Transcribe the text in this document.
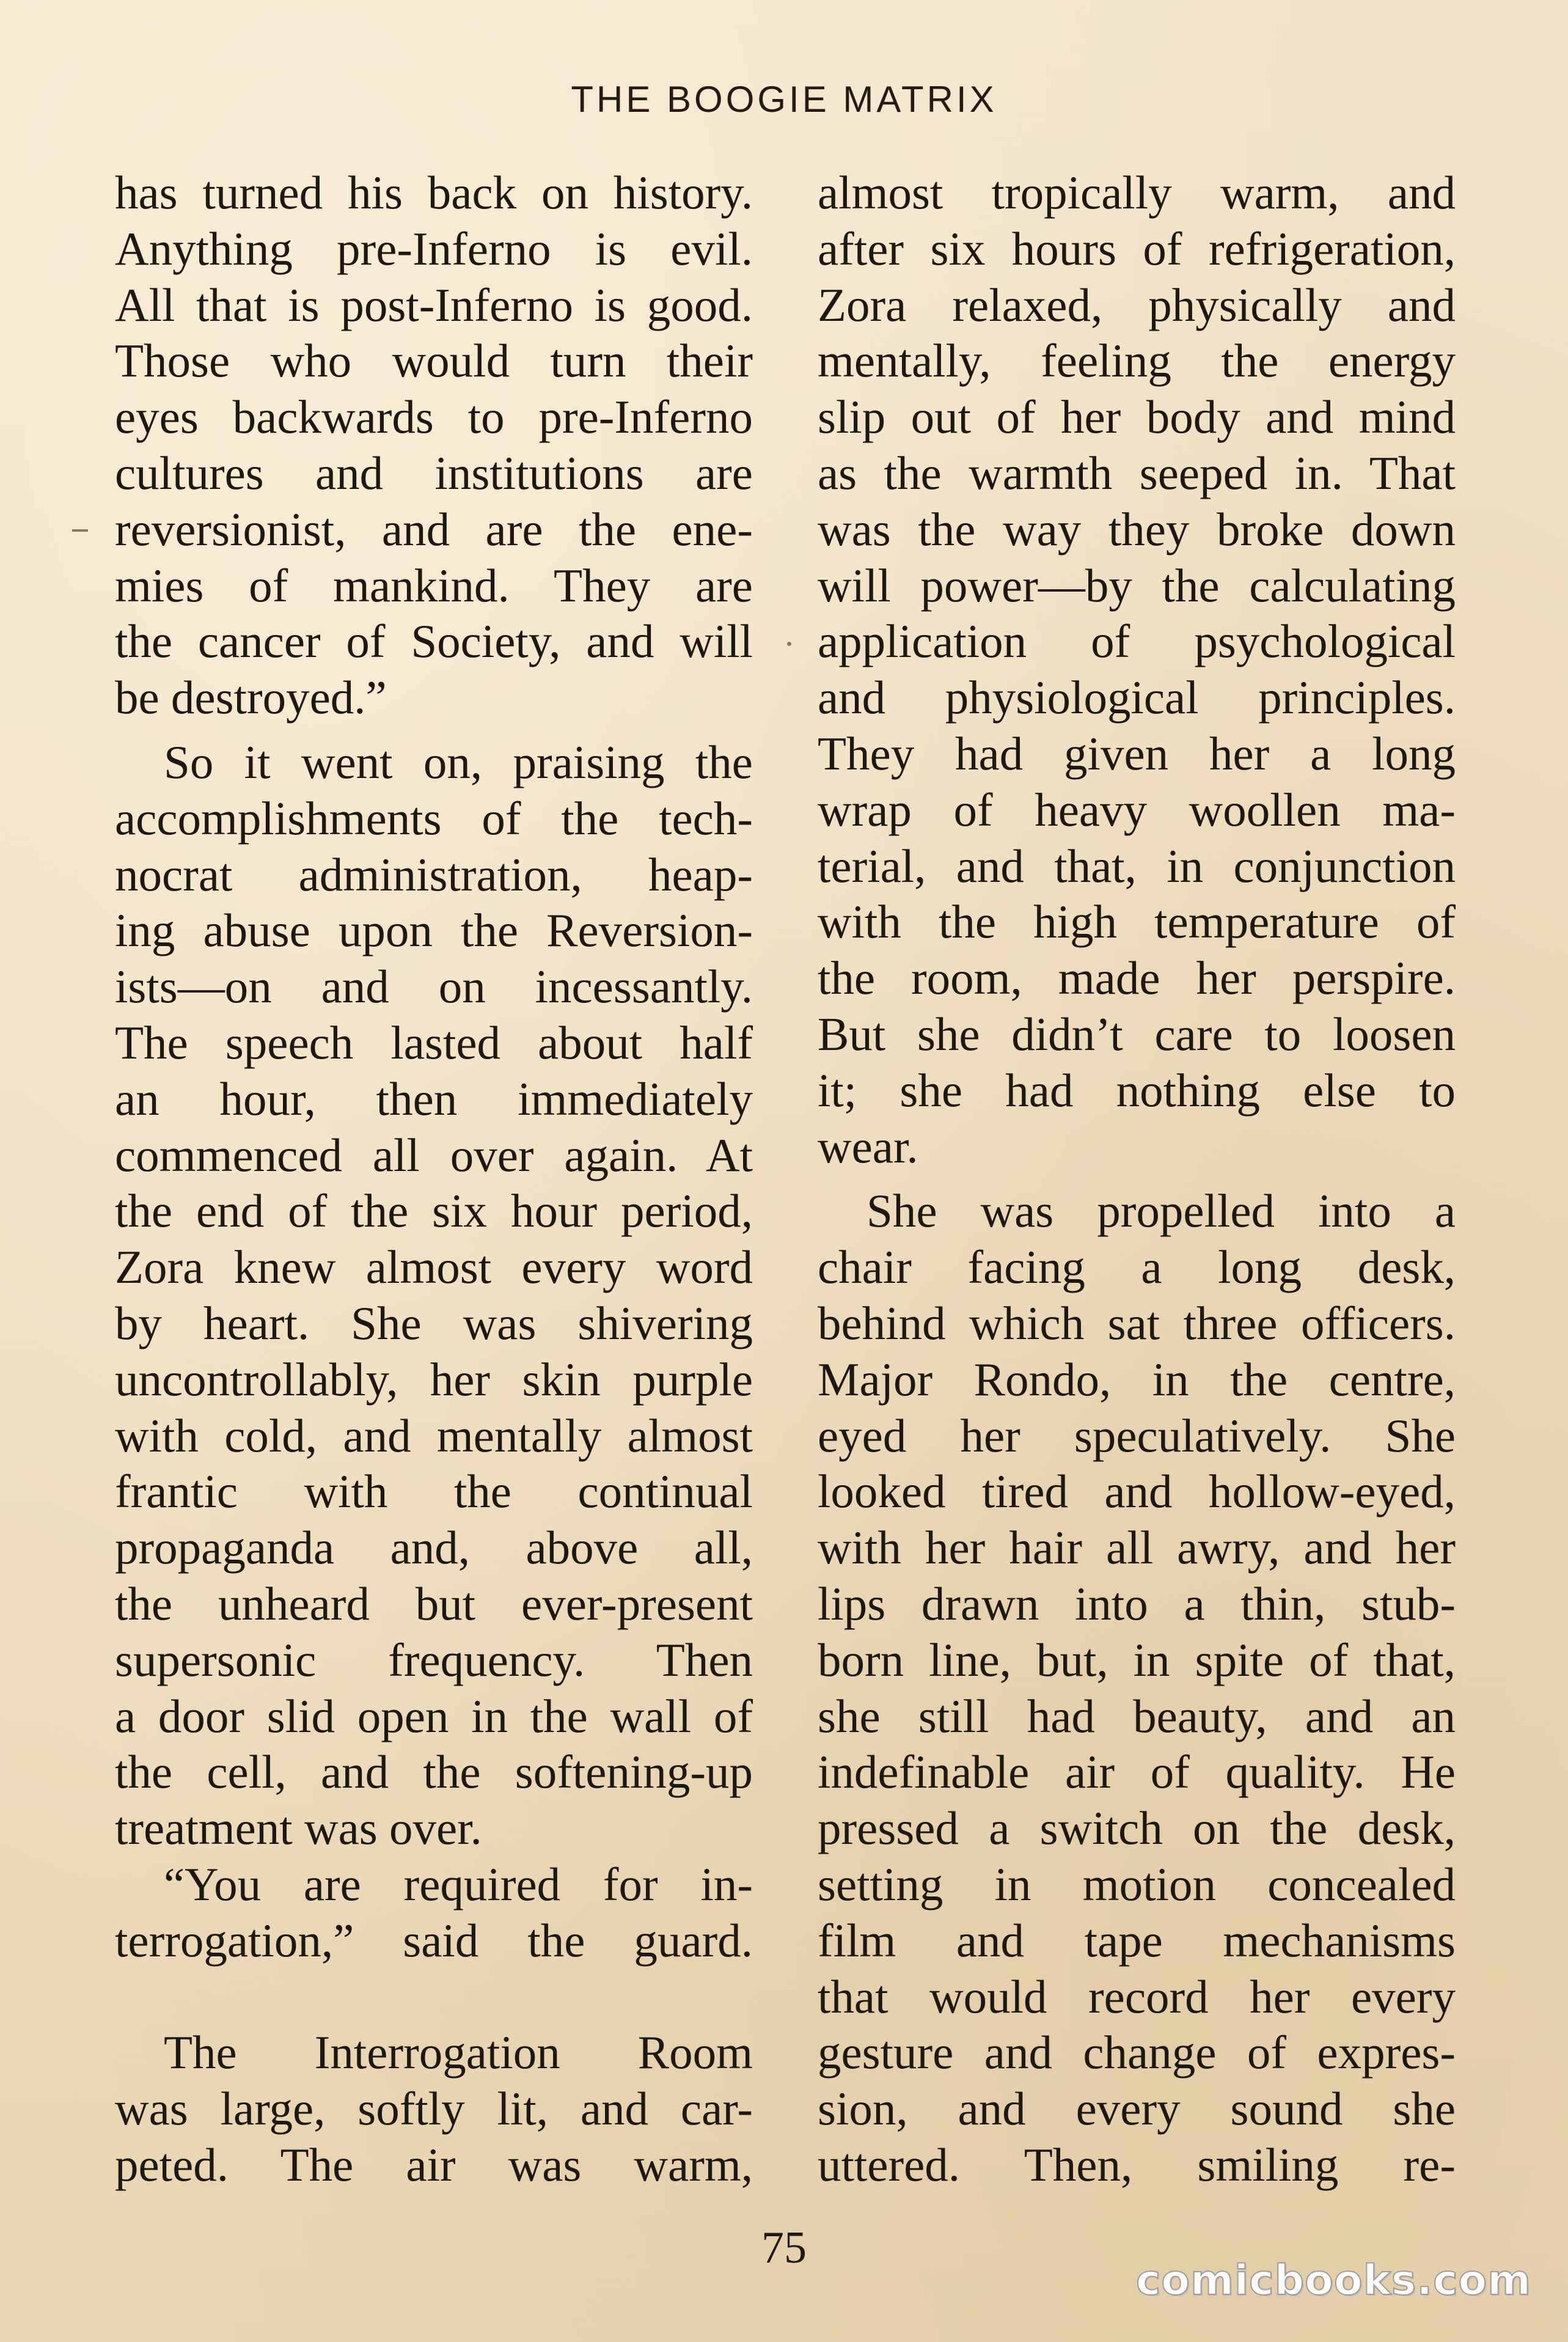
THE BOOGIE MATRIX
has turned his back on history.
Anything pre-Inferno is evil.
All that is post-Inferno is good.
Those who would turn their
eyes backwards to pre-Inferno
cultures and institutions are
reversionist, and are the ene-
mies of mankind. They are
the cancer of Society, and will
be destroyed.”
So it went on, praising the
accomplishments of the tech-
nocrat administration, heap-
ing abuse upon the Reversion-
ists—on and on incessantly.
The speech lasted about half
an hour, then immediately
commenced all over again. At
the end of the six hour period,
Zora knew almost every word
by heart. She was shivering
uncontrollably, her skin purple
with cold, and mentally almost
frantic with the continual
propaganda and, above all,
the unheard but ever-present
supersonic frequency. Then
a door slid open in the wall of
the cell, and the softening-up
treatment was over.
“You are required for in-
terrogation,” said the guard.
The Interrogation Room
was large, softly lit, and car-
peted. The air was warm,
almost tropically warm, and
after six hours of refrigeration,
Zora relaxed, physically and
mentally, feeling the energy
slip out of her body and mind
as the warmth seeped in. That
was the way they broke down
will power—by the calculating
application of psychological
and physiological principles.
They had given her a long
wrap of heavy woollen ma-
terial, and that, in conjunction
with the high temperature of
the room, made her perspire.
But she didn’t care to loosen
it; she had nothing else to
wear.
She was propelled into a
chair facing a long desk,
behind which sat three officers.
Major Rondo, in the centre,
eyed her speculatively. She
looked tired and hollow-eyed,
with her hair all awry, and her
lips drawn into a thin, stub-
born line, but, in spite of that,
she still had beauty, and an
indefinable air of quality. He
pressed a switch on the desk,
setting in motion concealed
film and tape mechanisms
that would record her every
gesture and change of expres-
sion, and every sound she
uttered. Then, smiling re-
75
comicbooks.com
